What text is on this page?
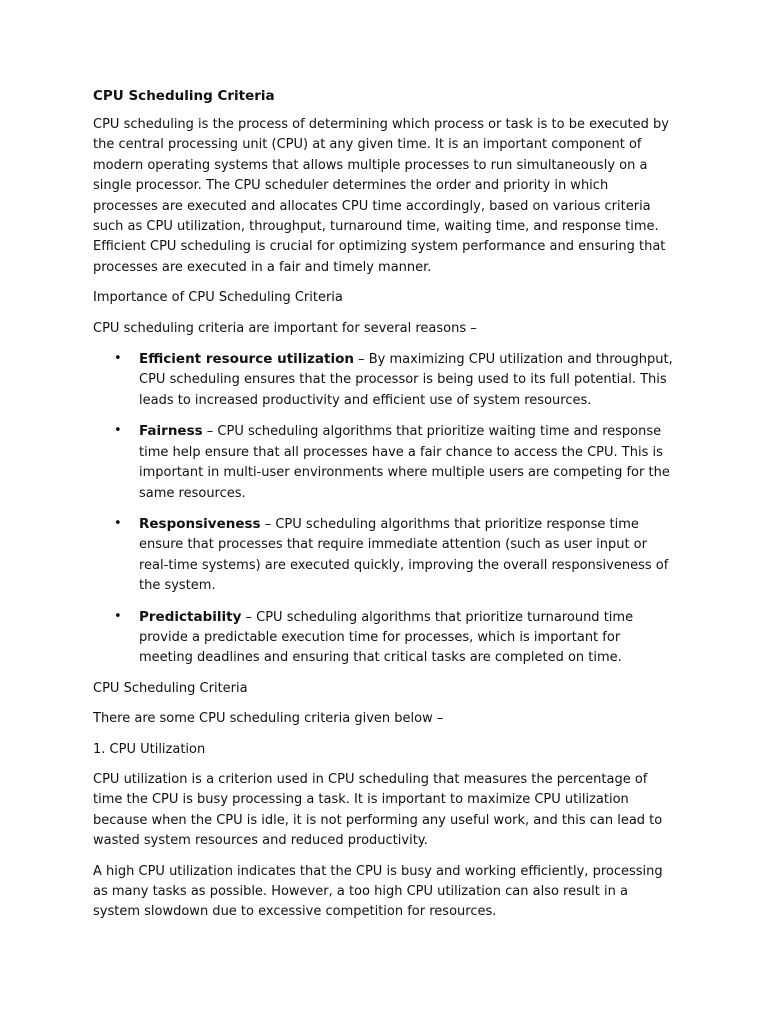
CPU Scheduling Criteria

CPU scheduling is the process of determining which process or task is to be executed by the central processing unit (CPU) at any given time. It is an important component of modern operating systems that allows multiple processes to run simultaneously on a single processor. The CPU scheduler determines the order and priority in which processes are executed and allocates CPU time accordingly, based on various criteria such as CPU utilization, throughput, turnaround time, waiting time, and response time. Efficient CPU scheduling is crucial for optimizing system performance and ensuring that processes are executed in a fair and timely manner.

Importance of CPU Scheduling Criteria

CPU scheduling criteria are important for several reasons –

• Efficient resource utilization – By maximizing CPU utilization and throughput, CPU scheduling ensures that the processor is being used to its full potential. This leads to increased productivity and efficient use of system resources.
• Fairness – CPU scheduling algorithms that prioritize waiting time and response time help ensure that all processes have a fair chance to access the CPU. This is important in multi-user environments where multiple users are competing for the same resources.
• Responsiveness – CPU scheduling algorithms that prioritize response time ensure that processes that require immediate attention (such as user input or real-time systems) are executed quickly, improving the overall responsiveness of the system.
• Predictability – CPU scheduling algorithms that prioritize turnaround time provide a predictable execution time for processes, which is important for meeting deadlines and ensuring that critical tasks are completed on time.

CPU Scheduling Criteria

There are some CPU scheduling criteria given below –

1. CPU Utilization

CPU utilization is a criterion used in CPU scheduling that measures the percentage of time the CPU is busy processing a task. It is important to maximize CPU utilization because when the CPU is idle, it is not performing any useful work, and this can lead to wasted system resources and reduced productivity.

A high CPU utilization indicates that the CPU is busy and working efficiently, processing as many tasks as possible. However, a too high CPU utilization can also result in a system slowdown due to excessive competition for resources.
